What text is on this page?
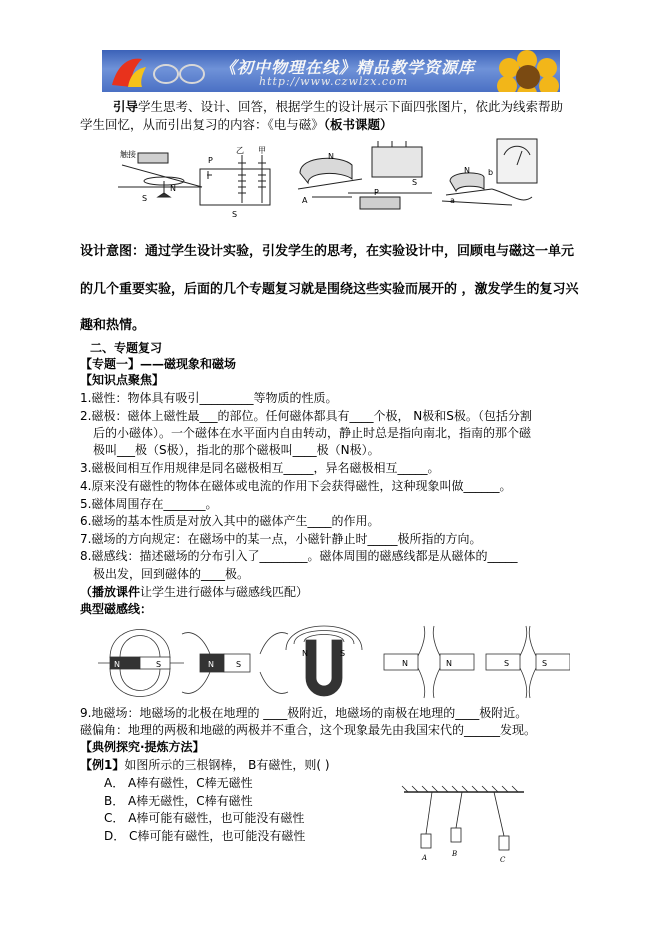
《初中物理在线》精品教学资源库
http://www.czwlzx.com
引导学生思考、设计、回答，根据学生的设计展示下面四张图片，依此为线索帮助
学生回忆，从而引出复习的内容：《电与磁》（板书课题）
触接
S
N
P
乙 甲
S
N
A
P
S
N b
a
设计意图：通过学生设计实验，引发学生的思考，在实验设计中，回顾电与磁这一单元
的几个重要实验，后面的几个专题复习就是围绕这些实验而展开的 ，激发学生的复习兴
趣和热情。
二、专题复习
【专题一】——磁现象和磁场
【知识点聚焦】
1.磁性：物体具有吸引_________等物质的性质。
2.磁极：磁体上磁性最___的部位。任何磁体都具有____个极， N极和S极。（包括分割
后的小磁体）。一个磁体在水平面内自由转动，静止时总是指向南北，指南的那个磁
极叫___极（S极），指北的那个磁极叫____极（N极）。
3.磁极间相互作用规律是同名磁极相互_____，异名磁极相互_____。
4.原来没有磁性的物体在磁体或电流的作用下会获得磁性，这种现象叫做______。
5.磁体周围存在_______。
6.磁场的基本性质是对放入其中的磁体产生____的作用。
7.磁场的方向规定：在磁场中的某一点，小磁针静止时_____极所指的方向。
8.磁感线：描述磁场的分布引入了________。磁体周围的磁感线都是从磁体的_____
极出发，回到磁体的____极。
（播放课件让学生进行磁体与磁感线匹配）
典型磁感线：
N	S	N	S
N	S
N	N	S	S
9.地磁场：地磁场的北极在地理的 ____极附近，地磁场的南极在地理的____极附近。
磁偏角：地理的两极和地磁的两极并不重合，这个现象最先由我国宋代的______发现。
【典例探究·提炼方法】
【例1】如图所示的三根钢棒， B有磁性，则( )
A． A棒有磁性，C棒无磁性
B． A棒无磁性，C棒有磁性
C． A棒可能有磁性，也可能没有磁性
D． C棒可能有磁性，也可能没有磁性
A	B
C
